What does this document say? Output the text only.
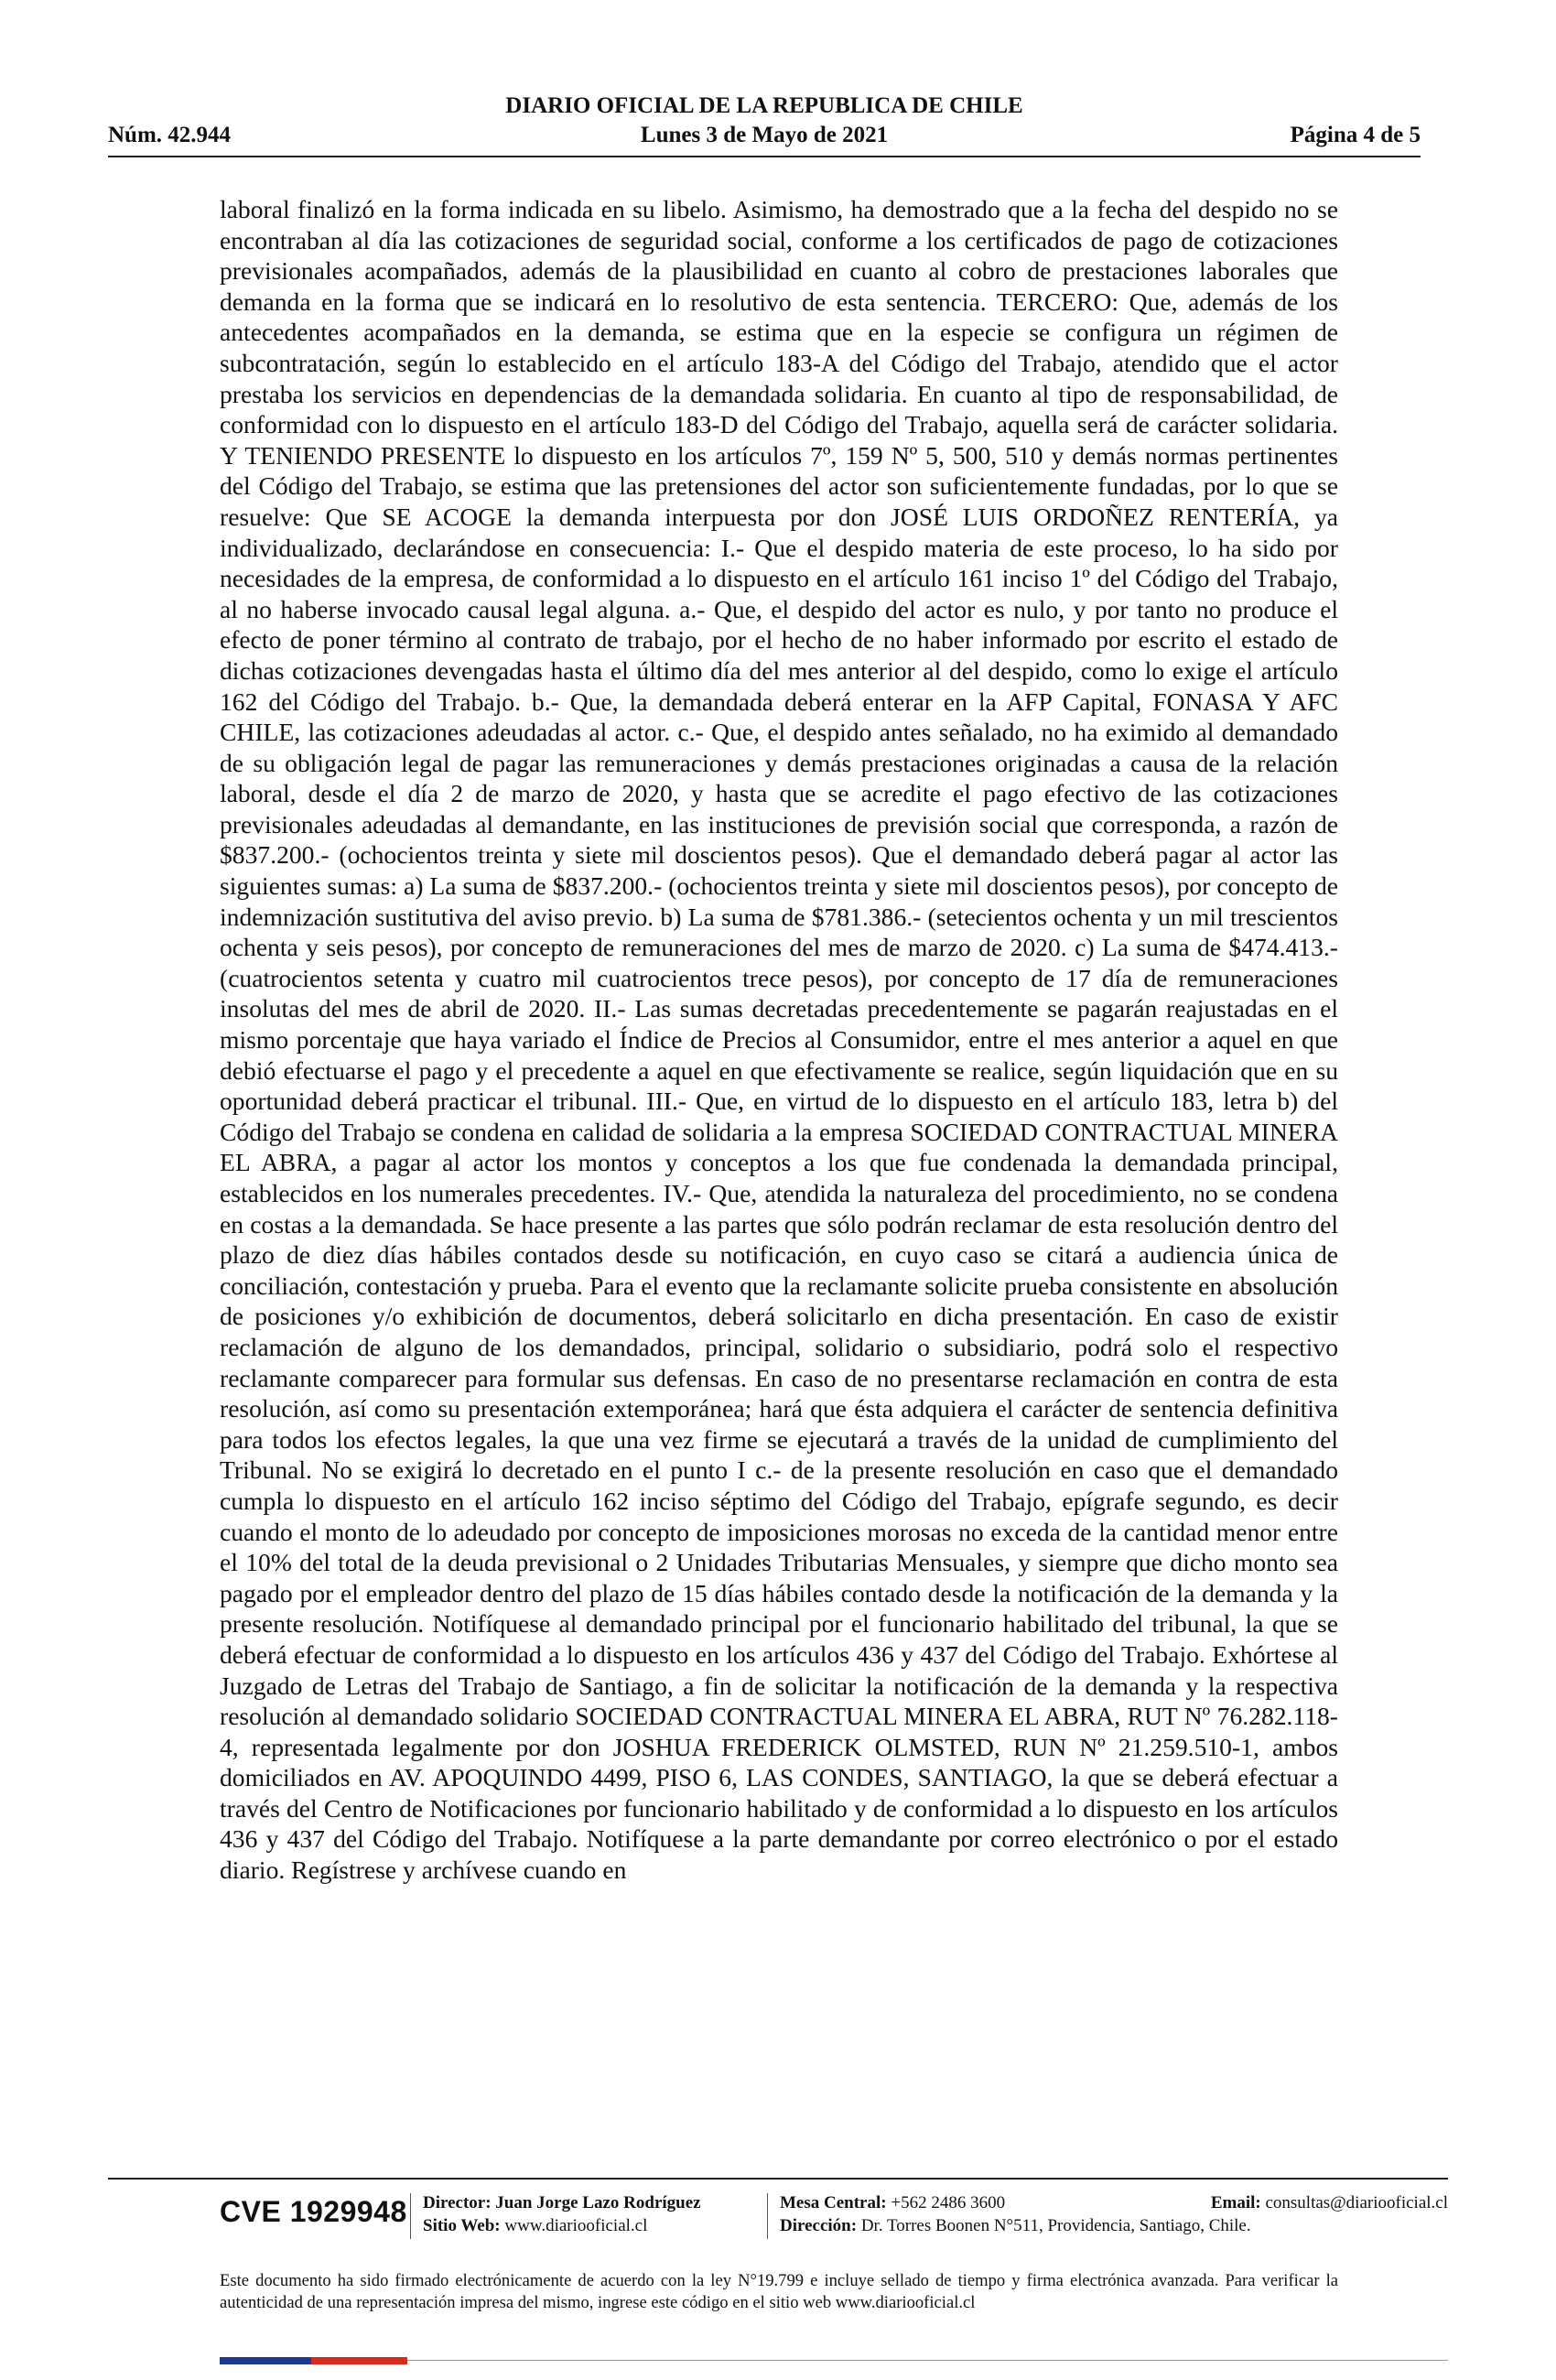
DIARIO OFICIAL DE LA REPUBLICA DE CHILE
Núm. 42.944	Lunes 3 de Mayo de 2021	Página 4 de 5

laboral finalizó en la forma indicada en su libelo. Asimismo, ha demostrado que a la fecha del despido no se encontraban al día las cotizaciones de seguridad social, conforme a los certificados de pago de cotizaciones previsionales acompañados, además de la plausibilidad en cuanto al cobro de prestaciones laborales que demanda en la forma que se indicará en lo resolutivo de esta sentencia. TERCERO: Que, además de los antecedentes acompañados en la demanda, se estima que en la especie se configura un régimen de subcontratación, según lo establecido en el artículo 183-A del Código del Trabajo, atendido que el actor prestaba los servicios en dependencias de la demandada solidaria. En cuanto al tipo de responsabilidad, de conformidad con lo dispuesto en el artículo 183-D del Código del Trabajo, aquella será de carácter solidaria. Y TENIENDO PRESENTE lo dispuesto en los artículos 7º, 159 Nº 5, 500, 510 y demás normas pertinentes del Código del Trabajo, se estima que las pretensiones del actor son suficientemente fundadas, por lo que se resuelve: Que SE ACOGE la demanda interpuesta por don JOSÉ LUIS ORDOÑEZ RENTERÍA, ya individualizado, declarándose en consecuencia: I.- Que el despido materia de este proceso, lo ha sido por necesidades de la empresa, de conformidad a lo dispuesto en el artículo 161 inciso 1º del Código del Trabajo, al no haberse invocado causal legal alguna. a.- Que, el despido del actor es nulo, y por tanto no produce el efecto de poner término al contrato de trabajo, por el hecho de no haber informado por escrito el estado de dichas cotizaciones devengadas hasta el último día del mes anterior al del despido, como lo exige el artículo 162 del Código del Trabajo. b.- Que, la demandada deberá enterar en la AFP Capital, FONASA Y AFC CHILE, las cotizaciones adeudadas al actor. c.- Que, el despido antes señalado, no ha eximido al demandado de su obligación legal de pagar las remuneraciones y demás prestaciones originadas a causa de la relación laboral, desde el día 2 de marzo de 2020, y hasta que se acredite el pago efectivo de las cotizaciones previsionales adeudadas al demandante, en las instituciones de previsión social que corresponda, a razón de $837.200.- (ochocientos treinta y siete mil doscientos pesos). Que el demandado deberá pagar al actor las siguientes sumas: a) La suma de $837.200.- (ochocientos treinta y siete mil doscientos pesos), por concepto de indemnización sustitutiva del aviso previo. b) La suma de $781.386.- (setecientos ochenta y un mil trescientos ochenta y seis pesos), por concepto de remuneraciones del mes de marzo de 2020. c) La suma de $474.413.- (cuatrocientos setenta y cuatro mil cuatrocientos trece pesos), por concepto de 17 día de remuneraciones insolutas del mes de abril de 2020. II.- Las sumas decretadas precedentemente se pagarán reajustadas en el mismo porcentaje que haya variado el Índice de Precios al Consumidor, entre el mes anterior a aquel en que debió efectuarse el pago y el precedente a aquel en que efectivamente se realice, según liquidación que en su oportunidad deberá practicar el tribunal. III.- Que, en virtud de lo dispuesto en el artículo 183, letra b) del Código del Trabajo se condena en calidad de solidaria a la empresa SOCIEDAD CONTRACTUAL MINERA EL ABRA, a pagar al actor los montos y conceptos a los que fue condenada la demandada principal, establecidos en los numerales precedentes. IV.- Que, atendida la naturaleza del procedimiento, no se condena en costas a la demandada. Se hace presente a las partes que sólo podrán reclamar de esta resolución dentro del plazo de diez días hábiles contados desde su notificación, en cuyo caso se citará a audiencia única de conciliación, contestación y prueba. Para el evento que la reclamante solicite prueba consistente en absolución de posiciones y/o exhibición de documentos, deberá solicitarlo en dicha presentación. En caso de existir reclamación de alguno de los demandados, principal, solidario o subsidiario, podrá solo el respectivo reclamante comparecer para formular sus defensas. En caso de no presentarse reclamación en contra de esta resolución, así como su presentación extemporánea; hará que ésta adquiera el carácter de sentencia definitiva para todos los efectos legales, la que una vez firme se ejecutará a través de la unidad de cumplimiento del Tribunal. No se exigirá lo decretado en el punto I c.- de la presente resolución en caso que el demandado cumpla lo dispuesto en el artículo 162 inciso séptimo del Código del Trabajo, epígrafe segundo, es decir cuando el monto de lo adeudado por concepto de imposiciones morosas no exceda de la cantidad menor entre el 10% del total de la deuda previsional o 2 Unidades Tributarias Mensuales, y siempre que dicho monto sea pagado por el empleador dentro del plazo de 15 días hábiles contado desde la notificación de la demanda y la presente resolución. Notifíquese al demandado principal por el funcionario habilitado del tribunal, la que se deberá efectuar de conformidad a lo dispuesto en los artículos 436 y 437 del Código del Trabajo. Exhórtese al Juzgado de Letras del Trabajo de Santiago, a fin de solicitar la notificación de la demanda y la respectiva resolución al demandado solidario SOCIEDAD CONTRACTUAL MINERA EL ABRA, RUT Nº 76.282.118-4, representada legalmente por don JOSHUA FREDERICK OLMSTED, RUN Nº 21.259.510-1, ambos domiciliados en AV. APOQUINDO 4499, PISO 6, LAS CONDES, SANTIAGO, la que se deberá efectuar a través del Centro de Notificaciones por funcionario habilitado y de conformidad a lo dispuesto en los artículos 436 y 437 del Código del Trabajo. Notifíquese a la parte demandante por correo electrónico o por el estado diario. Regístrese y archívese cuando en

CVE 1929948 Director: Juan Jorge Lazo Rodríguez
Sitio Web: www.diariooficial.cl
Mesa Central: +562 2486 3600	Email: consultas@diariooficial.cl
Dirección: Dr. Torres Boonen N°511, Providencia, Santiago, Chile.

Este documento ha sido firmado electrónicamente de acuerdo con la ley N°19.799 e incluye sellado de tiempo y firma electrónica avanzada. Para verificar la autenticidad de una representación impresa del mismo, ingrese este código en el sitio web www.diariooficial.cl
